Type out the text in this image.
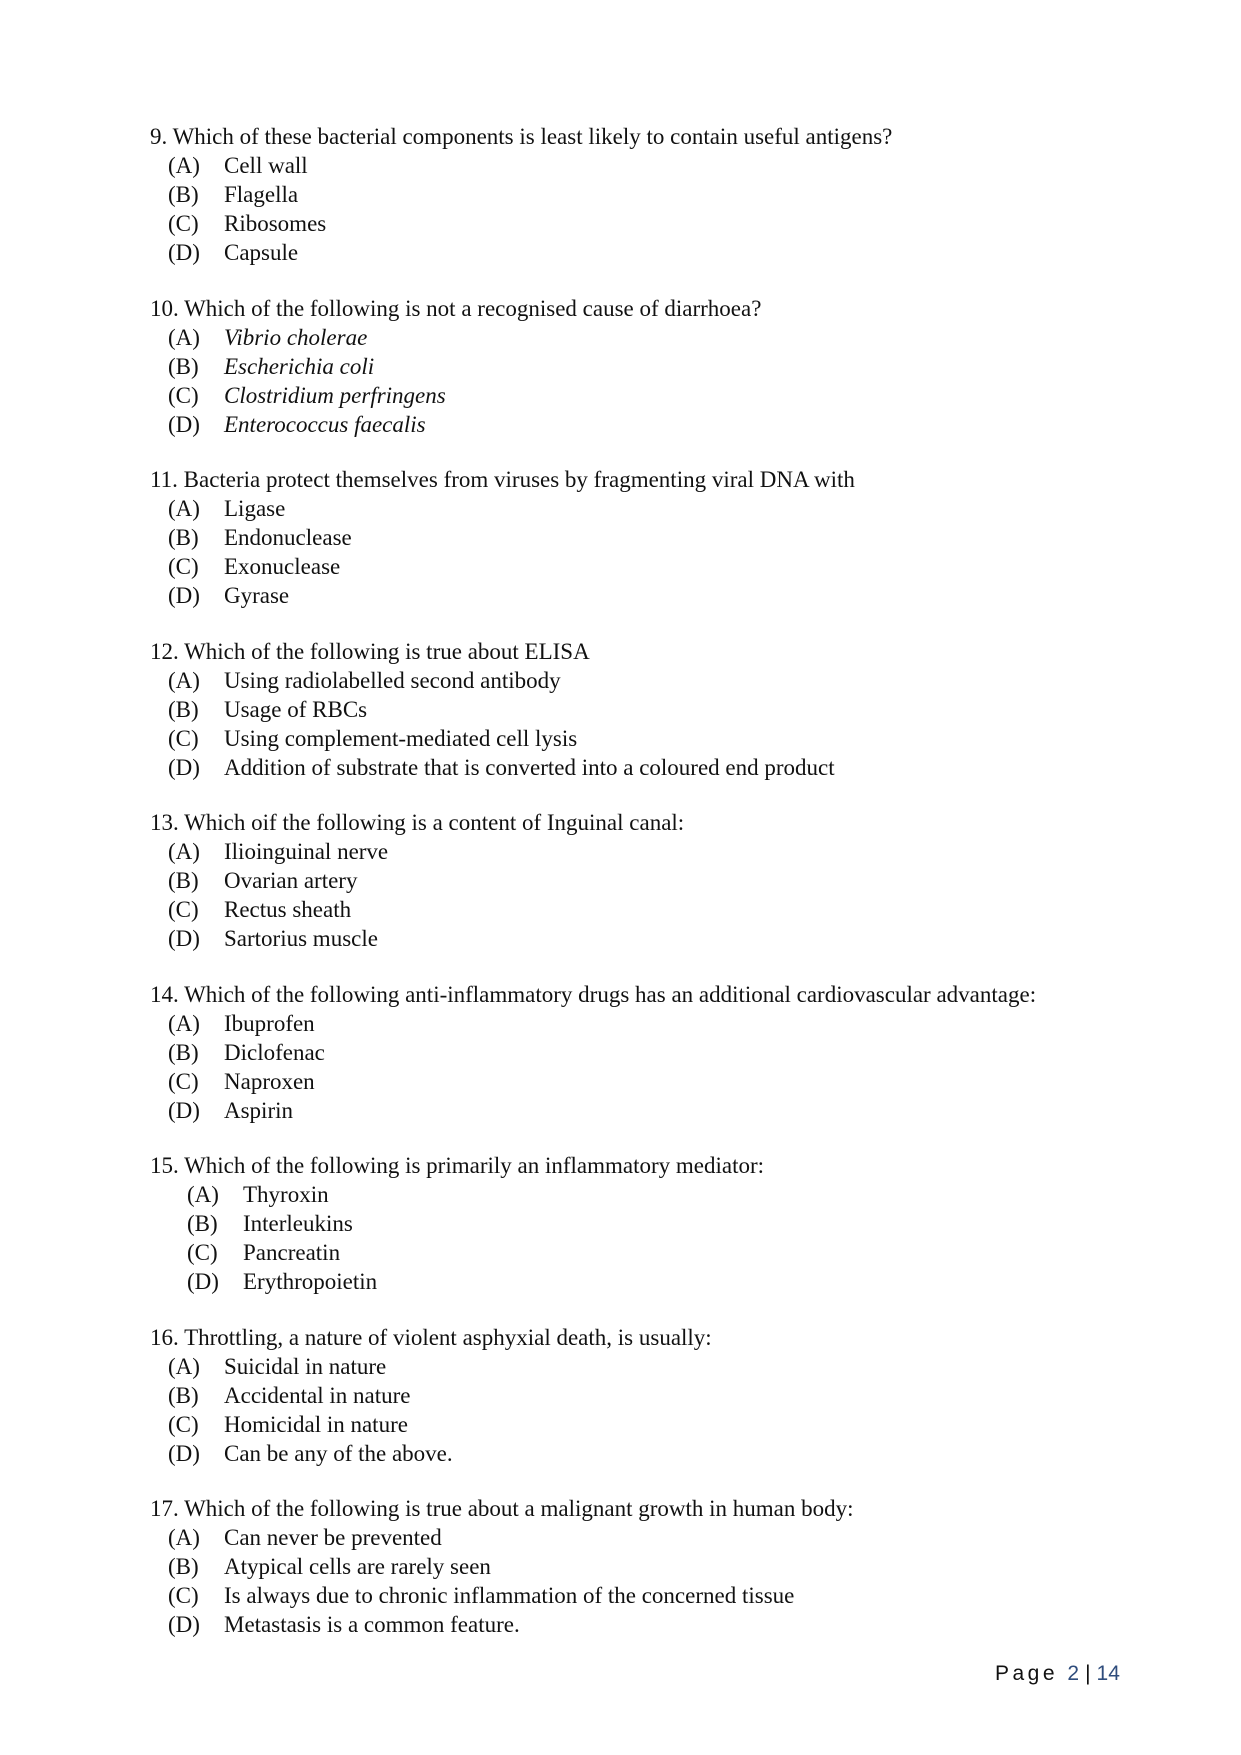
9. Which of these bacterial components is least likely to contain useful antigens?
(A)	Cell wall
(B)	Flagella
(C)	Ribosomes
(D)	Capsule
10. Which of the following is not a recognised cause of diarrhoea?
(A)	Vibrio cholerae
(B)	Escherichia coli
(C)	Clostridium perfringens
(D)	Enterococcus faecalis
11. Bacteria protect themselves from viruses by fragmenting viral DNA with
(A)	Ligase
(B)	Endonuclease
(C)	Exonuclease
(D)	Gyrase
12. Which of the following is true about ELISA
(A)	Using radiolabelled second antibody
(B)	Usage of RBCs
(C)	Using complement-mediated cell lysis
(D)	Addition of substrate that is converted into a coloured end product
13. Which oif the following is a content of Inguinal canal:
(A)	Ilioinguinal nerve
(B)	Ovarian artery
(C)	Rectus sheath
(D)	Sartorius muscle
14. Which of the following anti-inflammatory drugs has an additional cardiovascular advantage:
(A)	Ibuprofen
(B)	Diclofenac
(C)	Naproxen
(D)	Aspirin
15. Which of the following is primarily an inflammatory mediator:
(A)	Thyroxin
(B)	Interleukins
(C)	Pancreatin
(D)	Erythropoietin
16. Throttling, a nature of violent asphyxial death, is usually:
(A)	Suicidal in nature
(B)	Accidental in nature
(C)	Homicidal in nature
(D)	Can be any of the above.
17. Which of the following is true about a malignant growth in human body:
(A)	Can never be prevented
(B)	Atypical cells are rarely seen
(C)	Is always due to chronic inflammation of the concerned tissue
(D)	Metastasis is a common feature.
Page 2 | 14
